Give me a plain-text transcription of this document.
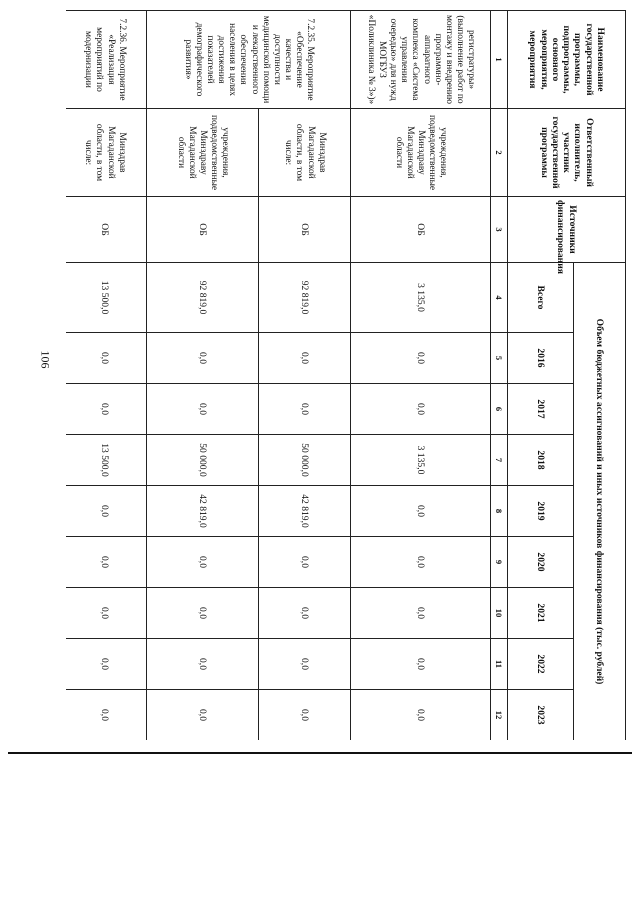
106
Наименование государственной программы, подпрограммы, основного мероприятия, мероприятия	Ответственный исполнитель, участник государственной программы	Источники финансирования	Объем бюджетных ассигнований и иных источников финансирования (тыс. рублей)								
			Всего	2016	2017	2018	2019	2020	2021	2022	2023
1	2	3	4	5	6	7	8	9	10	11	12
регистратуры» (выполнение работ по монтажу и внедрению программно-аппаратного комплекса «Система управления очередью» для нужд МОГБУЗ «Поликлиника № 3»)»	учреждения, подведомственные Минздраву Магаданской области	ОБ	3 135,0	0,0	0,0	3 135,0	0,0	0,0	0,0	0,0	0,0
7.2.35. Мероприятие «Обеспечение качества и доступности медицинской помощи и лекарственного обеспечения населения в целях достижения показателей демографического развития»	Минздрав Магаданской области, в том числе:	ОБ	92 819,0	0,0	0,0	50 000,0	42 819,0	0,0	0,0	0,0	0,0
	учреждения, подведомственные Минздраву Магаданской области	ОБ	92 819,0	0,0	0,0	50 000,0	42 819,0	0,0	0,0	0,0	0,0
7.2.36. Мероприятие «Реализация мероприятий по модернизации	Минздрав Магаданской области, в том числе:	ОБ	13 500,0	0,0	0,0	13 500,0	0,0	0,0	0,0	0,0	0,0
